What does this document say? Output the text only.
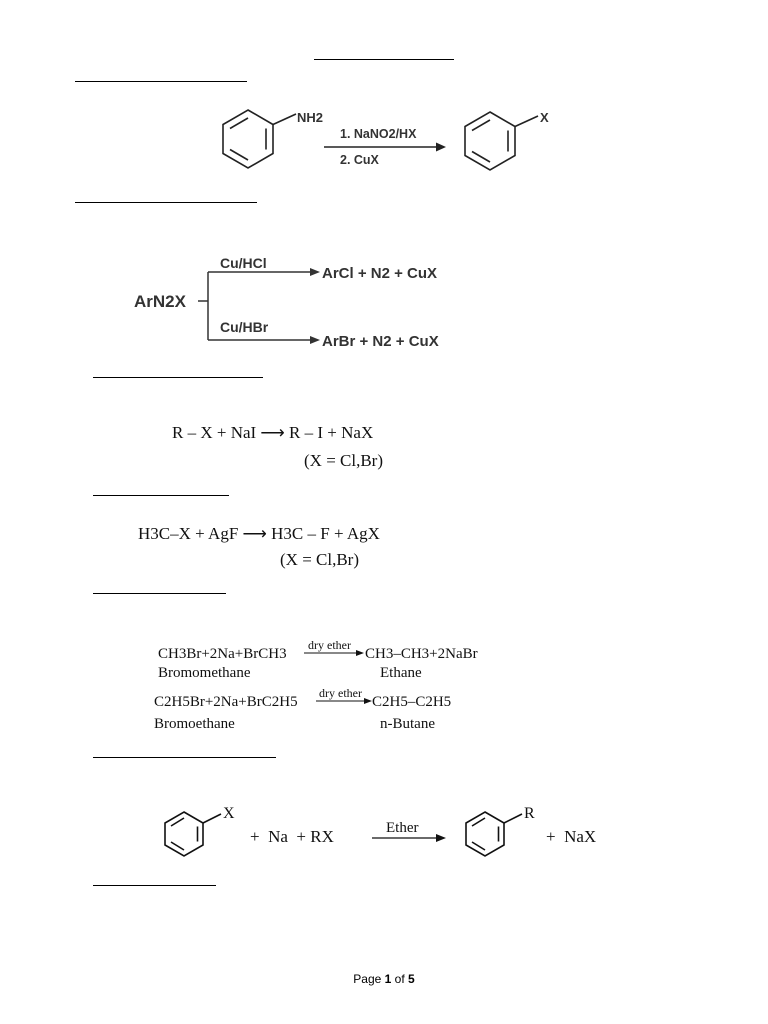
NH2
1. NaNO2/HX
2. CuX
X
ArN2X
Cu/HCl
ArCl + N2 + CuX
Cu/HBr
ArBr + N2 + CuX
R – X + NaI ⟶ R – I + NaX
(X = Cl,Br)
H3C–X + AgF ⟶ H3C – F + AgX
(X = Cl,Br)
CH3Br+2Na+BrCH3
dry ether
CH3–CH3+2NaBr
Bromomethane	Ethane
C2H5Br+2Na+BrC2H5
dry ether
C2H5–C2H5
Bromoethane	n-Butane
X
+  Na  + RX	Ether
R
+  NaX
Page 1 of 5
